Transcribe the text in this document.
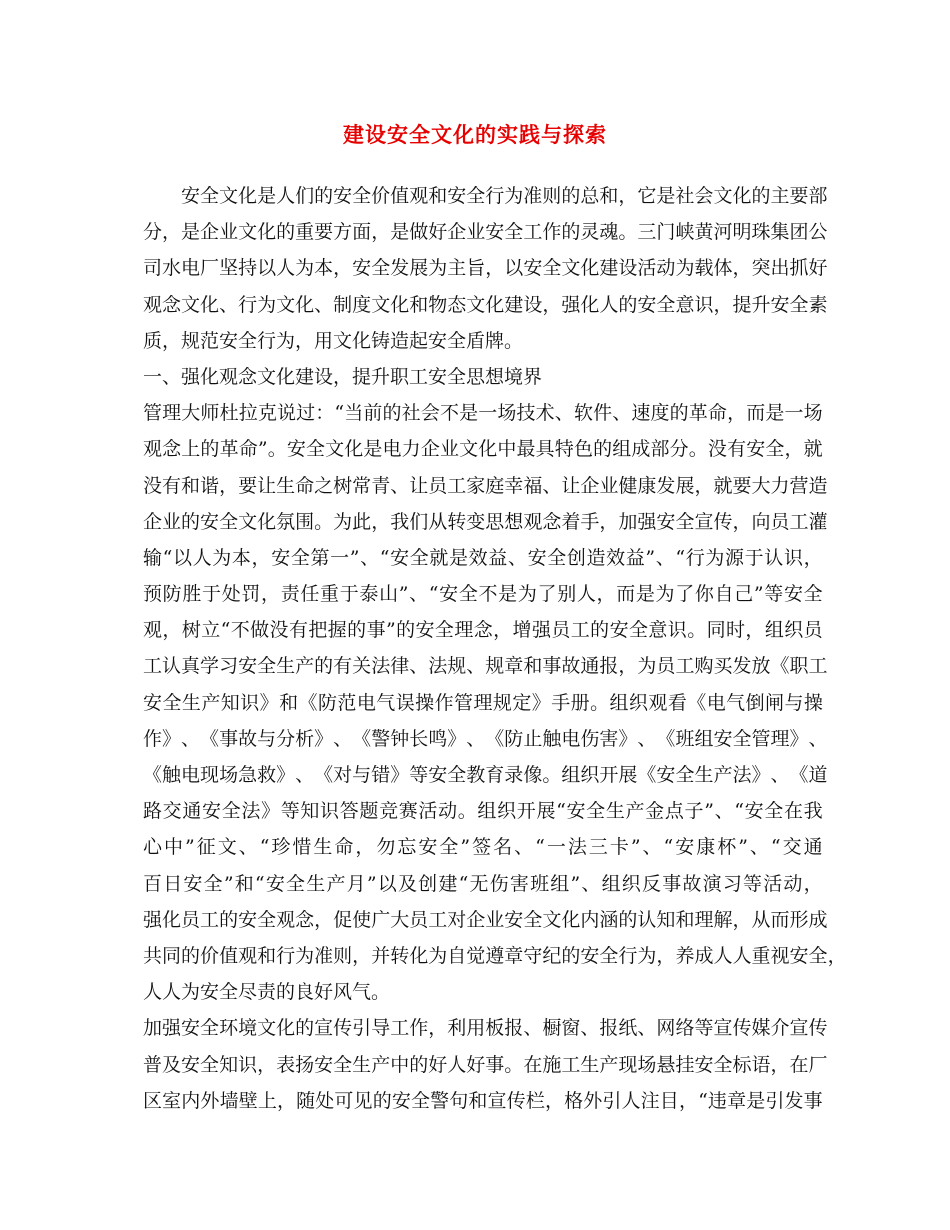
建设安全文化的实践与探索
安 全 文 化 是 人 们 的 安 全 价 值 观 和 安 全 行 为 准 则 的 总 和 ， 它 是 社 会 文 化 的 主 要 部
分 ， 是 企 业 文 化 的 重 要 方 面 ， 是 做 好 企 业 安 全 工 作 的 灵 魂 。 三 门 峡 黄 河 明 珠 集 团 公
司 水 电 厂 坚 持 以 人 为 本 ， 安 全 发 展 为 主 旨 ， 以 安 全 文 化 建 设 活 动 为 载 体 ， 突 出 抓 好
观 念 文 化 、 行 为 文 化 、 制 度 文 化 和 物 态 文 化 建 设 ， 强 化 人 的 安 全 意 识 ， 提 升 安 全 素
质，规范安全行为，用文化铸造起安全盾牌。
一、强化观念文化建设，提升职工安全思想境界
管 理 大 师 杜 拉 克 说 过 ： “ 当 前 的 社 会 不 是 一 场 技 术 、 软 件 、 速 度 的 革 命 ， 而 是 一 场
观 念 上 的 革 命 ” 。 安 全 文 化 是 电 力 企 业 文 化 中 最 具 特 色 的 组 成 部 分 。 没 有 安 全 ， 就
没 有 和 谐 ， 要 让 生 命 之 树 常 青 、 让 员 工 家 庭 幸 福 、 让 企 业 健 康 发 展 ， 就 要 大 力 营 造
企 业 的 安 全 文 化 氛 围 。 为 此 ， 我 们 从 转 变 思 想 观 念 着 手 ， 加 强 安 全 宣 传 ， 向 员 工 灌
输 “ 以 人 为 本 ， 安 全 第 一 ” 、 “ 安 全 就 是 效 益 、 安 全 创 造 效 益 ” 、 “ 行 为 源 于 认 识 ，
预 防 胜 于 处 罚 ， 责 任 重 于 泰 山 ” 、 “ 安 全 不 是 为 了 别 人 ， 而 是 为 了 你 自 己 ” 等 安 全
观 ， 树 立 “ 不 做 没 有 把 握 的 事 ” 的 安 全 理 念 ， 增 强 员 工 的 安 全 意 识 。 同 时 ， 组 织 员
工 认 真 学 习 安 全 生 产 的 有 关 法 律 、 法 规 、 规 章 和 事 故 通 报 ， 为 员 工 购 买 发 放 《 职 工
安 全 生 产 知 识 》 和 《 防 范 电 气 误 操 作 管 理 规 定 》 手 册 。 组 织 观 看 《 电 气 倒 闸 与 操
作 》 、 《 事 故 与 分 析 》 、 《 警 钟 长 鸣 》 、 《 防 止 触 电 伤 害 》 、 《 班 组 安 全 管 理 》 、
《 触 电 现 场 急 救 》 、 《 对 与 错 》 等 安 全 教 育 录 像 。 组 织 开 展 《 安 全 生 产 法 》 、 《 道
路 交 通 安 全 法 》 等 知 识 答 题 竞 赛 活 动 。 组 织 开 展 “ 安 全 生 产 金 点 子 ” 、 “ 安 全 在 我
心 中 ” 征 文 、 “ 珍 惜 生 命 ， 勿 忘 安 全 ” 签 名 、 “ 一 法 三 卡 ” 、 “ 安 康 杯 ” 、 “ 交 通
百 日 安 全 ” 和 “ 安 全 生 产 月 ” 以 及 创 建 “ 无 伤 害 班 组 ” 、 组 织 反 事 故 演 习 等 活 动 ，
强 化 员 工 的 安 全 观 念 ， 促 使 广 大 员 工 对 企 业 安 全 文 化 内 涵 的 认 知 和 理 解 ， 从 而 形 成
共 同 的 价 值 观 和 行 为 准 则 ， 并 转 化 为 自 觉 遵 章 守 纪 的 安 全 行 为 ， 养 成 人 人 重 视 安 全 ，
人人为安全尽责的良好风气。
加 强 安 全 环 境 文 化 的 宣 传 引 导 工 作 ， 利 用 板 报 、 橱 窗 、 报 纸 、 网 络 等 宣 传 媒 介 宣 传
普 及 安 全 知 识 ， 表 扬 安 全 生 产 中 的 好 人 好 事 。 在 施 工 生 产 现 场 悬 挂 安 全 标 语 ， 在 厂
区 室 内 外 墙 壁 上 ， 随 处 可 见 的 安 全 警 句 和 宣 传 栏 ， 格 外 引 人 注 目 ， “ 违 章 是 引 发 事
